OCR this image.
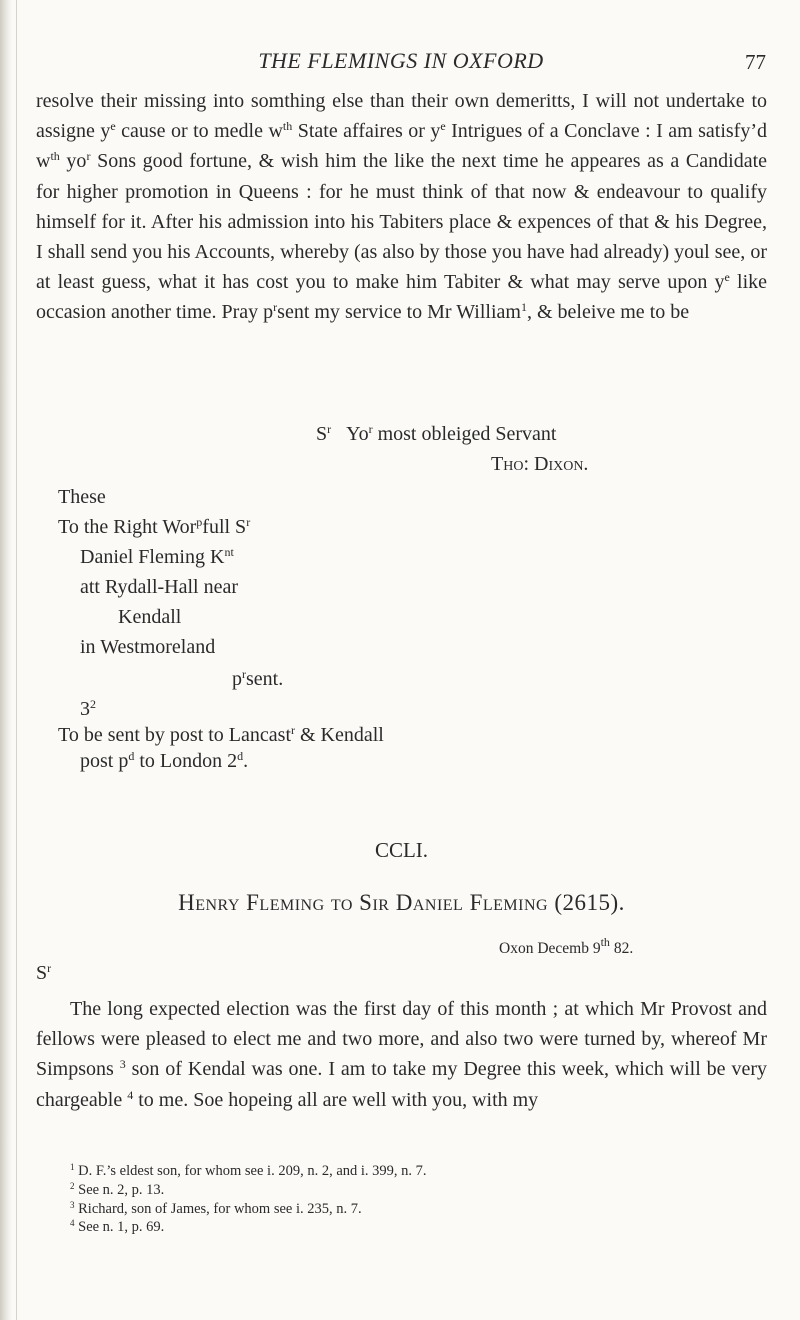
THE FLEMINGS IN OXFORD	77

resolve their missing into somthing else than their own demeritts, I will not undertake to assigne $y^e$ cause or to medle $w^{th}$ State affaires or $y^e$ Intrigues of a Conclave : I am satisfy’d $w^{th}$ $yo^r$ Sons good fortune, & wish him the like the next time he appeares as a Candidate for higher promotion in Queens : for he must think of that now & endeavour to qualify himself for it. After his admission into his Tabiters place & expences of that & his Degree, I shall send you his Accounts, whereby (as also by those you have had already) youl see, or at least guess, what it has cost you to make him Tabiter & what may serve upon $y^e$ like occasion another time. Pray $p^rsent$ my service to Mr William$^1$, & beleive me to be

$S^r$   Yo$^r$ most obleiged Servant
Tho: Dixon.
These
To the Right Wor$^p$full $S^r$
Daniel Fleming $K^{nt}$
att Rydall-Hall near
Kendall
in Westmoreland
$p^rsent$.
$3^2$
To be sent by post to Lancast$^r$ & Kendall
post $p^d$ to London 2$^d$.
CCLI.
Henry Fleming to Sir Daniel Fleming (2615).
Oxon Decemb 9th 82.
$S^r$

The long expected election was the first day of this month ; at which Mr Provost and fellows were pleased to elect me and two more, and also two were turned by, whereof Mr Simpsons $^3$ son of Kendal was one. I am to take my Degree this week, which will be very chargeable $^4$ to me. Soe hopeing all are well with you, with my

$^1$ D. F.’s eldest son, for whom see i. 209, n. 2, and i. 399, n. 7.

$^2$ See n. 2, p. 13.

$^3$ Richard, son of James, for whom see i. 235, n. 7.

$^4$ See n. 1, p. 69.
